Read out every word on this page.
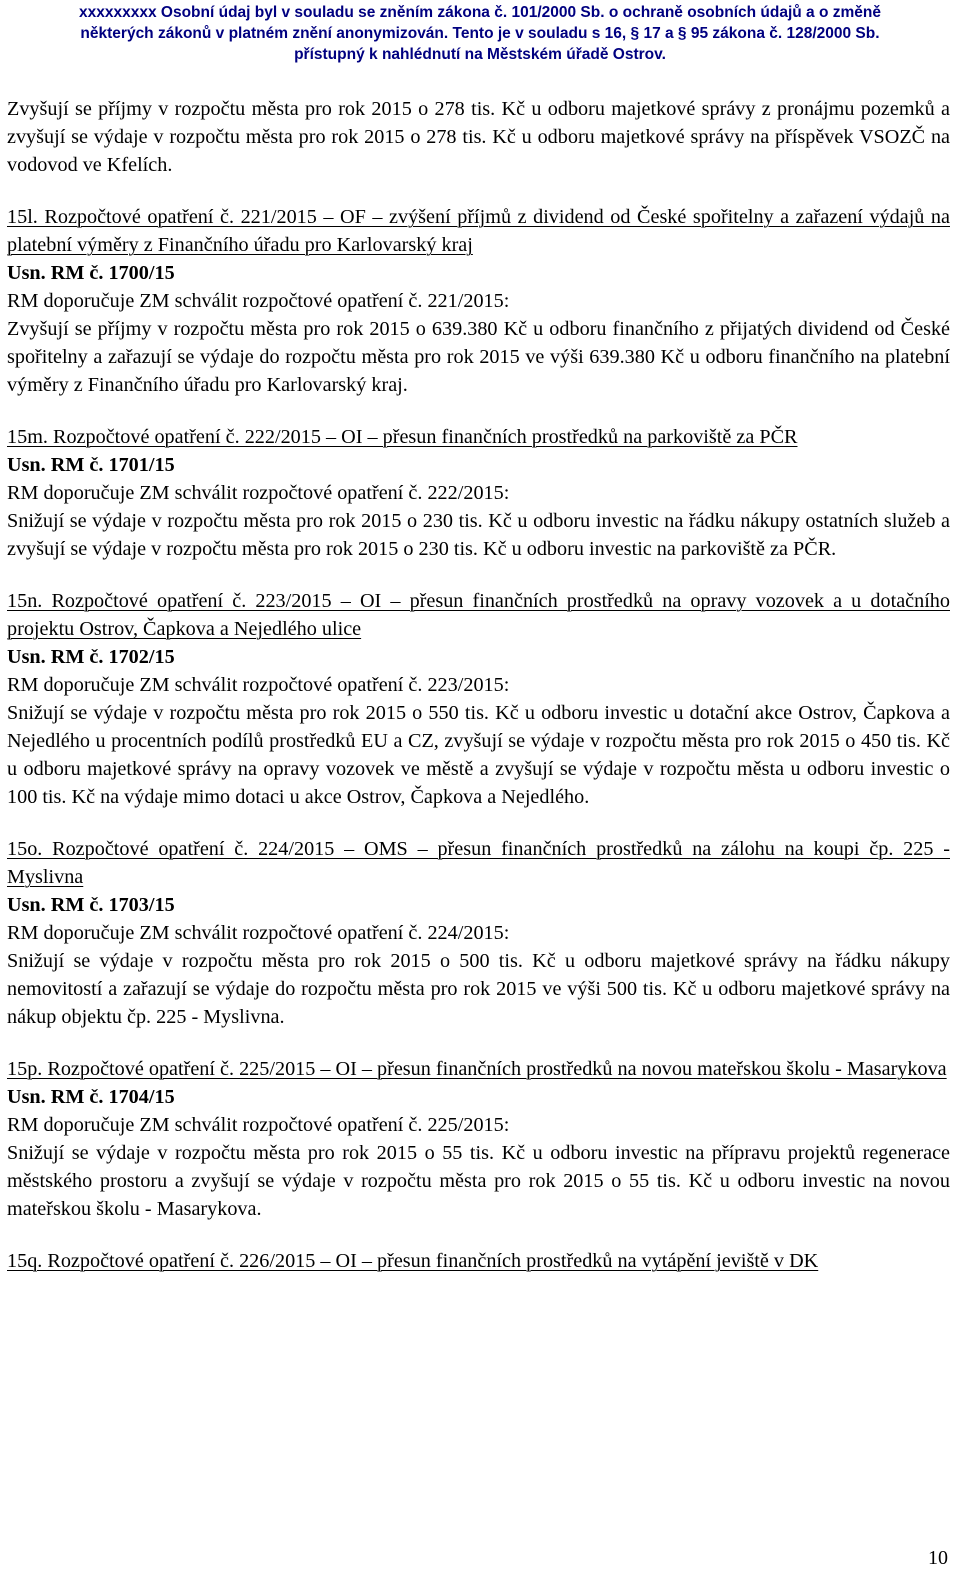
xxxxxxxxx Osobní údaj byl v souladu se zněním zákona č. 101/2000 Sb. o ochraně osobních údajů a o změně
některých zákonů v platném znění anonymizován. Tento je v souladu s 16, § 17 a § 95 zákona č. 128/2000 Sb.
přístupný k nahlédnutí na Městském úřadě Ostrov.

Zvyšují se příjmy v rozpočtu města pro rok 2015 o 278 tis. Kč u odboru majetkové správy z pronájmu pozemků a zvyšují se výdaje v rozpočtu města pro rok 2015 o 278 tis. Kč u odboru majetkové správy na příspěvek VSOZČ na vodovod ve Kfelích.

15l. Rozpočtové opatření č. 221/2015 – OF – zvýšení příjmů z dividend od České spořitelny a zařazení výdajů na platební výměry z Finančního úřadu pro Karlovarský kraj

Usn. RM č. 1700/15
RM doporučuje ZM schválit rozpočtové opatření č. 221/2015:

Zvyšují se příjmy v rozpočtu města pro rok 2015 o 639.380 Kč u odboru finančního z přijatých dividend od České spořitelny a zařazují se výdaje do rozpočtu města pro rok 2015 ve výši 639.380 Kč u odboru finančního na platební výměry z Finančního úřadu pro Karlovarský kraj.

15m. Rozpočtové opatření č. 222/2015 – OI – přesun finančních prostředků na parkoviště za PČR

Usn. RM č. 1701/15
RM doporučuje ZM schválit rozpočtové opatření č. 222/2015:

Snižují se výdaje v rozpočtu města pro rok 2015 o 230 tis. Kč u odboru investic na řádku nákupy ostatních služeb a zvyšují se výdaje v rozpočtu města pro rok 2015 o 230 tis. Kč u odboru investic na parkoviště za PČR.

15n. Rozpočtové opatření č. 223/2015 – OI – přesun finančních prostředků na opravy vozovek a u dotačního projektu Ostrov, Čapkova a Nejedlého ulice

Usn. RM č. 1702/15
RM doporučuje ZM schválit rozpočtové opatření č. 223/2015:

Snižují se výdaje v rozpočtu města pro rok 2015 o 550 tis. Kč u odboru investic u dotační akce Ostrov, Čapkova a Nejedlého u procentních podílů prostředků EU a CZ, zvyšují se výdaje v rozpočtu města pro rok 2015 o 450 tis. Kč u odboru majetkové správy na opravy vozovek ve městě a zvyšují se výdaje v rozpočtu města u odboru investic o 100 tis. Kč na výdaje mimo dotaci u akce Ostrov, Čapkova a Nejedlého.

15o. Rozpočtové opatření č. 224/2015 – OMS – přesun finančních prostředků na zálohu na koupi čp. 225 - Myslivna

Usn. RM č. 1703/15
RM doporučuje ZM schválit rozpočtové opatření č. 224/2015:

Snižují se výdaje v rozpočtu města pro rok 2015 o 500 tis. Kč u odboru majetkové správy na řádku nákupy nemovitostí a zařazují se výdaje do rozpočtu města pro rok 2015 ve výši 500 tis. Kč u odboru majetkové správy na nákup objektu čp. 225 - Myslivna.

15p. Rozpočtové opatření č. 225/2015 – OI – přesun finančních prostředků na novou mateřskou školu - Masarykova

Usn. RM č. 1704/15
RM doporučuje ZM schválit rozpočtové opatření č. 225/2015:

Snižují se výdaje v rozpočtu města pro rok 2015 o 55 tis. Kč u odboru investic na přípravu projektů regenerace městského prostoru a zvyšují se výdaje v rozpočtu města pro rok 2015 o 55 tis. Kč u odboru investic na novou mateřskou školu - Masarykova.

15q. Rozpočtové opatření č. 226/2015 – OI – přesun finančních prostředků na vytápění jeviště v DK

10
